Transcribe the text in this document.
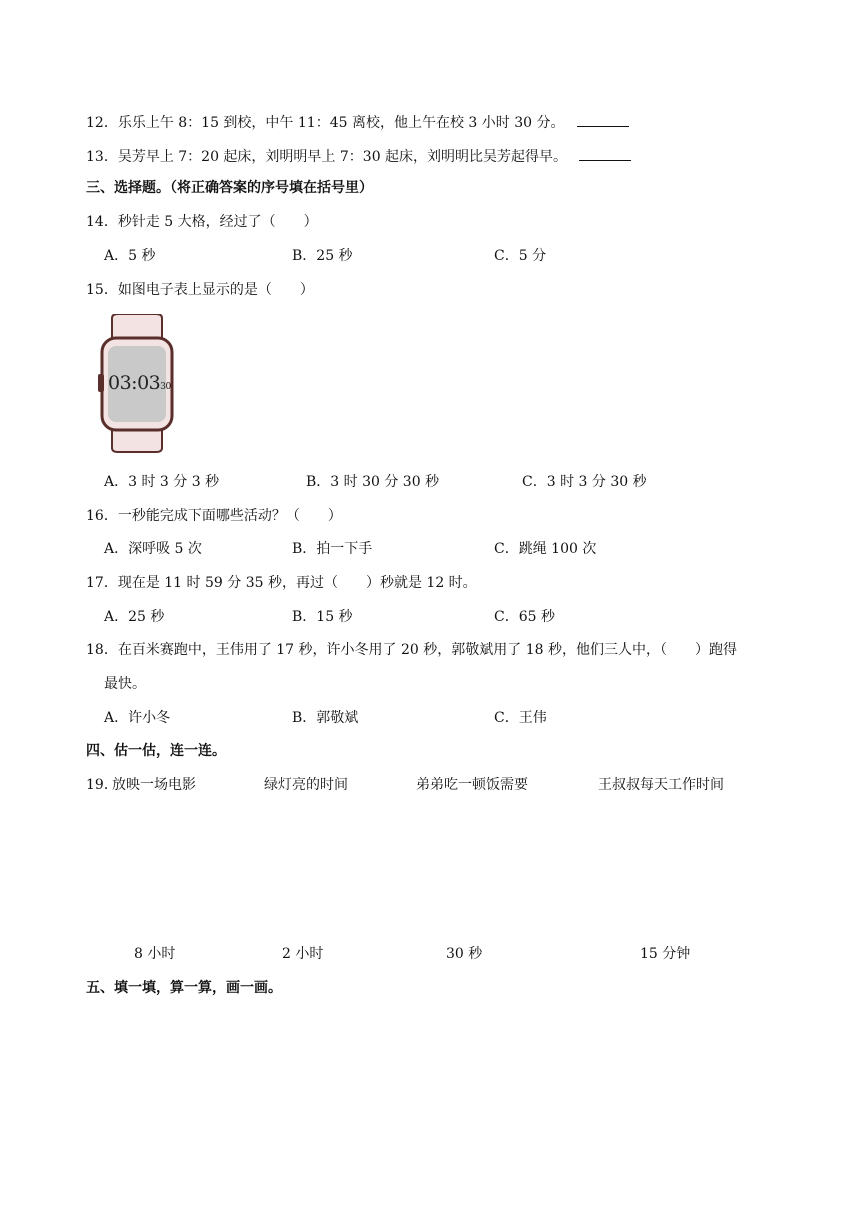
12．乐乐上午 8：15 到校，中午 11：45 离校，他上午在校 3 小时 30 分。
13．吴芳早上 7：20 起床，刘明明早上 7：30 起床，刘明明比吴芳起得早。
三、选择题。（将正确答案的序号填在括号里）
14．秒针走 5 大格，经过了（　　）
A．5 秒	B．25 秒	C．5 分
15．如图电子表上显示的是（　　）
03:0330
A．3 时 3 分 3 秒	B．3 时 30 分 30 秒	C．3 时 3 分 30 秒
16．一秒能完成下面哪些活动？（　　）
A．深呼吸 5 次	B．拍一下手	C．跳绳 100 次
17．现在是 11 时 59 分 35 秒，再过（　　）秒就是 12 时。
A．25 秒	B．15 秒	C．65 秒
18．在百米赛跑中，王伟用了 17 秒，许小冬用了 20 秒，郭敬斌用了 18 秒，他们三人中，（　　）跑得
最快。
A．许小冬	B．郭敬斌	C．王伟
四、估一估，连一连。
19．
放映一场电影	绿灯亮的时间	弟弟吃一顿饭需要	王叔叔每天工作时间
8 小时	2 小时	30 秒	15 分钟
五、填一填，算一算，画一画。
